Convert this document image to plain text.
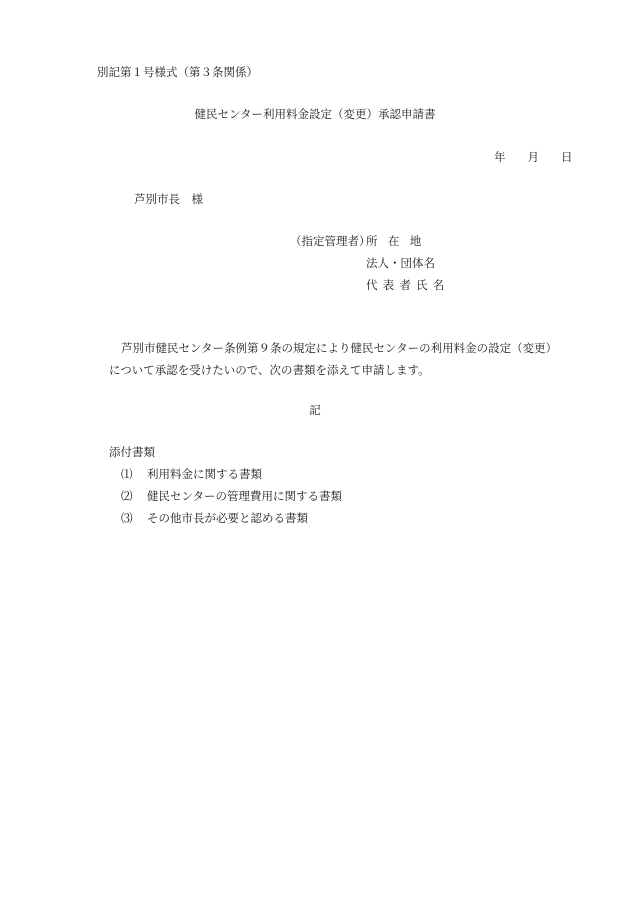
別記第１号様式（第３条関係）
健民センター利用料金設定（変更）承認申請書
年 月 日
芦別市長　様
（指定管理者）
所在地
法人・団体名
代表者氏名
芦別市健民センター条例第９条の規定により健民センターの利用料金の設定（変更）
について承認を受けたいので、次の書類を添えて申請します。
記
添付書類
⑴ 利用料金に関する書類
⑵ 健民センターの管理費用に関する書類
⑶ その他市長が必要と認める書類
